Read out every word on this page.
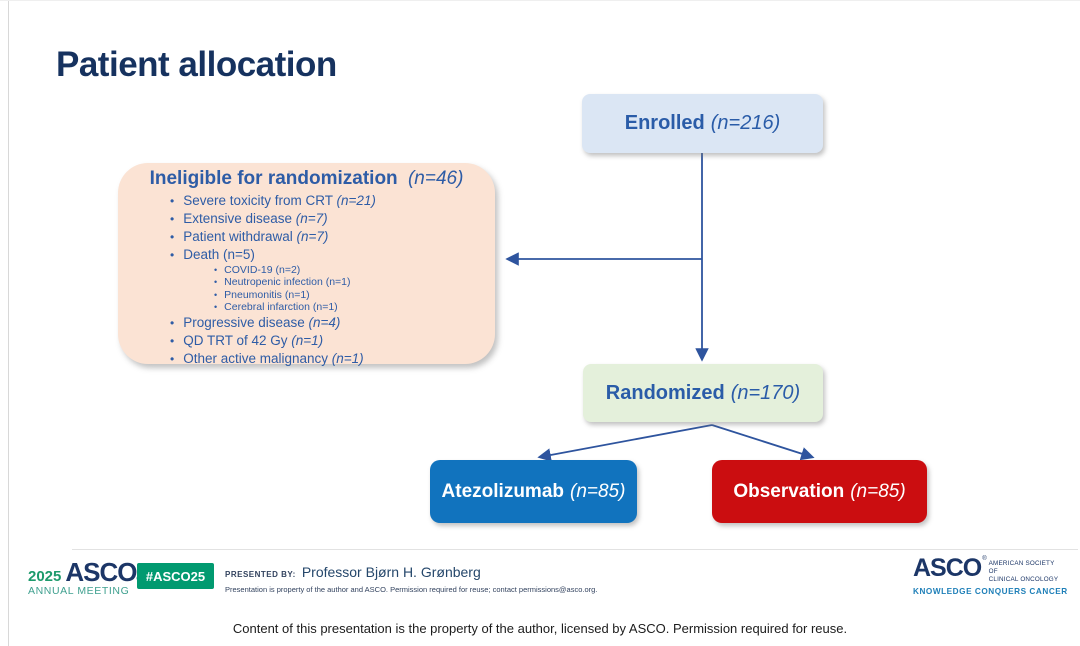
Patient allocation
Enrolled (n=216)
Ineligible for randomization (n=46)
• Severe toxicity from CRT (n=21)
• Extensive disease (n=7)
• Patient withdrawal (n=7)
• Death (n=5)
• COVID-19 (n=2)
• Neutropenic infection (n=1)
• Pneumonitis (n=1)
• Cerebral infarction (n=1)
• Progressive disease (n=4)
• QD TRT of 42 Gy (n=1)
• Other active malignancy (n=1)
Randomized (n=170)
Atezolizumab (n=85)	Observation (n=85)
2025 ASCO
ANNUAL MEETING
#ASCO25	PRESENTED BY: Professor Bjørn H. Grønberg
Presentation is property of the author and ASCO. Permission required for reuse; contact permissions@asco.org.
ASCO ®
AMERICAN SOCIETY OF
CLINICAL ONCOLOGY
KNOWLEDGE CONQUERS CANCER
Content of this presentation is the property of the author, licensed by ASCO. Permission required for reuse.
